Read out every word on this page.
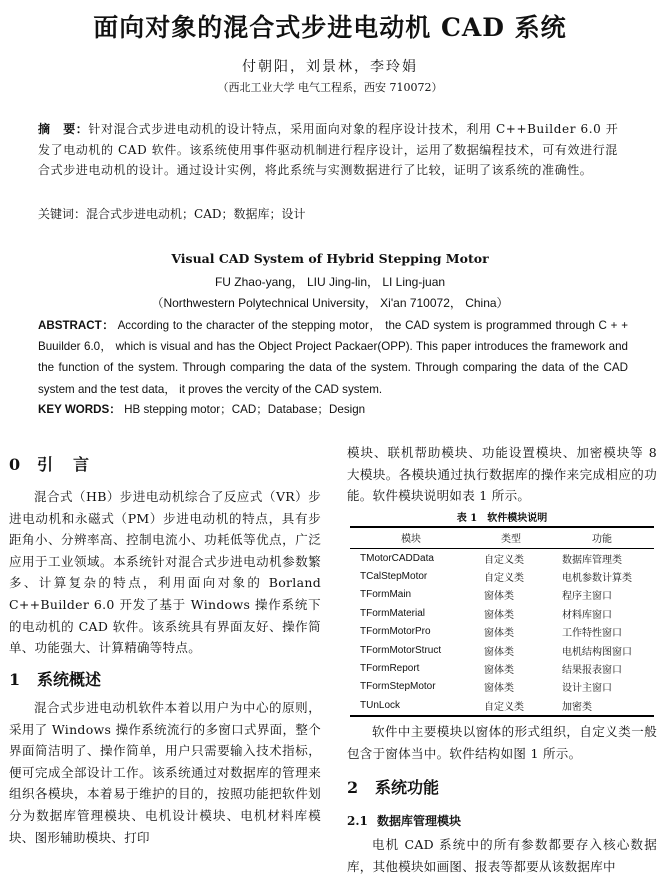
面向对象的混合式步进电动机 CAD 系统
付朝阳，刘景林，李玲娟
（西北工业大学 电气工程系，西安 710072）
摘　要：针对混合式步进电动机的设计特点，采用面向对象的程序设计技术，利用 C++Builder 6.0 开发了电动机的 CAD 软件。该系统使用事件驱动机制进行程序设计，运用了数据编程技术，可有效进行混合式步进电动机的设计。通过设计实例，将此系统与实测数据进行了比较，证明了该系统的准确性。
关键词：混合式步进电动机；CAD；数据库；设计
Visual CAD System of Hybrid Stepping Motor
FU Zhao-yang， LIU Jing-lin， LI Ling-juan
（Northwestern Polytechnical University， Xi'an 710072， China）
ABSTRACT： According to the character of the stepping motor， the CAD system is programmed through C + + Buuilder 6.0， which is visual and has the Object Project Packaer(OPP). This paper introduces the framework and the function of the system. Through comparing the data of the system. Through comparing the data of the CAD system and the test data， it proves the vercity of the CAD system.
KEY WORDS： HB stepping motor；CAD；Database；Design
0 引言
混合式（HB）步进电动机综合了反应式（VR）步进电动机和永磁式（PM）步进电动机的特点，具有步距角小、分辨率高、控制电流小、功耗低等优点，广泛应用于工业领域。本系统针对混合式步进电动机参数繁多、计算复杂的特点，利用面向对象的 Borland C++Builder 6.0 开发了基于 Windows 操作系统下的电动机的 CAD 软件。该系统具有界面友好、操作简单、功能强大、计算精确等特点。
1 系统概述
混合式步进电动机软件本着以用户为中心的原则，采用了 Windows 操作系统流行的多窗口式界面，整个界面简洁明了、操作简单，用户只需要输入技术指标，便可完成全部设计工作。该系统通过对数据库的管理来组织各模块，本着易于维护的目的，按照功能把软件划分为数据库管理模块、电机设计模块、电机材料库模块、图形辅助模块、打印
模块、联机帮助模块、功能设置模块、加密模块等 8 大模块。各模块通过执行数据库的操作来完成相应的功能。软件模块说明如表 1 所示。
表 1　软件模块说明
模块	类型	功能
TMotorCADData	自定义类	数据库管理类
TCalStepMotor	自定义类	电机参数计算类
TFormMain	窗体类	程序主窗口
TFormMaterial	窗体类	材料库窗口
TFormMotorPro	窗体类	工作特性窗口
TFormMotorStruct	窗体类	电机结构图窗口
TFormReport	窗体类	结果报表窗口
TFormStepMotor	窗体类	设计主窗口
TUnLock	自定义类	加密类
软件中主要模块以窗体的形式组织，自定义类一般包含于窗体当中。软件结构如图 1 所示。
2 系统功能
2.1 数据库管理模块
电机 CAD 系统中的所有参数都要存入核心数据库，其他模块如画图、报表等都要从该数据库中
